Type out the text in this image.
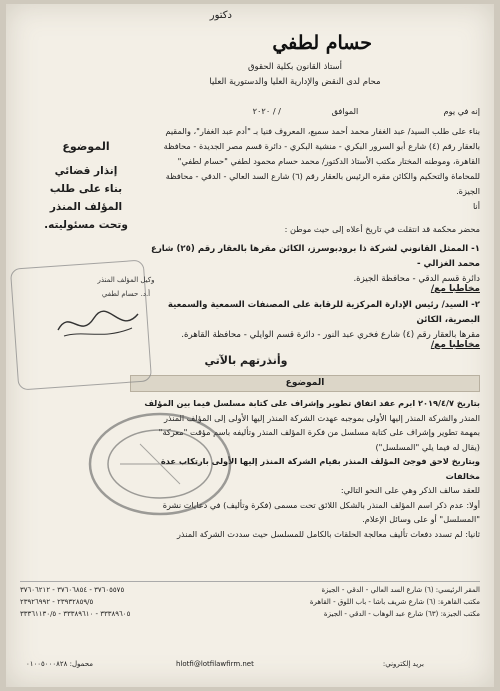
دكتور
حسام لطفي
أستاذ القانون بكلية الحقوق
محام لدى النقض والإدارية العليا والدستورية العليا
إنه في يوم  الموافق / / ٢٠٢٠
بناء على طلب السيد/ عبد الغفار محمد أحمد سميع، المعروف فنيا بـ "أدم عبد الغفار"، والمقيم
بالعقار رقم (٤) شارع أبو السرور البكري - منشية البكري - دائرة قسم مصر الجديدة - محافظة
القاهرة، وموطنه المختار مكتب الأستاذ الدكتور/ محمد حسام محمود لطفي "حسام لطفي"
للمحاماة والتحكيم والكائن مقره الرئيس بالعقار رقم (٦) شارع السد العالي - الدقي - محافظة
الجيزة.
أنا
محضر محكمة قد انتقلت في تاريخ أعلاه إلى حيث موطن :
١- الممثل القانوني لشركة ذا برودبوسرز، الكائن مقرها بالعقار رقم (٢٥) شارع محمد الغزالي -
دائرة قسم الدقي - محافظة الجيزة.
مخاطبا مع/
٢- السيد/ رئيس الإدارة المركزية للرقابة على المصنفات السمعية والسمعية البصرية، الكائن
مقرها بالعقار رقم (٤) شارع فخري عبد النور - دائرة قسم الوايلي - محافظة القاهرة.
مخاطبا مع/
وأنذرتهم بالآتي
الموضوع
بتاريخ ٢٠١٩/٤/٧ ابرم عقد اتفاق تطوير وإشراف على كتابة مسلسل فيما بين المؤلف
المنذر والشركة المنذر إليها الأولى بموجبه عهدت الشركة المنذر إليها الأولى إلى المؤلف المنذر
بمهمة تطوير وإشراف على كتابة مسلسل من فكرة المؤلف المنذر وتأليفه باسم مؤقت "معركة"
(يقال له فيما يلي "المسلسل")
وبتاريخ لاحق فوجئ المؤلف المنذر بقيام الشركة المنذر إليها الأولى بارتكاب عدة مخالفات
للعقد سالف الذكر وهي على النحو التالي:
أولا: عدم ذكر اسم المؤلف المنذر بالشكل اللائق تحت مسمى (فكرة وتأليف) في دعايات نشرة
"المسلسل" أو على وسائل الإعلام.
ثانيا: لم تسدد دفعات تأليف معالجة الحلقات بالكامل للمسلسل حيث سددت الشركة المنذر
الموضوع
إنذار قضائي
بناء على طلب
المؤلف المنذر
وتحت مسئوليته.
وكيل المؤلف المنذر
أ.د. حسام لطفي
المقر الرئيسي: (٦) شارع السد العالي - الدقي - الجيزة
٣٧٦٠٥٥٧٥ - ٣٧٦٠٦٨٥٤ - ٣٧٦٠٦٢١٢
مكتب القاهرة: (٦) شارع شريف باشا - باب اللوق - القاهرة
٢٣٩٣٢٨٥٩/٥ - ٢٣٩٢٦٩٩٢
مكتب الجيزة: (٦٣) شارع عبد الوهاب - الدقي - الجيزة
٣٣٣٨٩٦٠٥ - ٣٣٣٨٩٦١٠ - ٣٣٣٦١١٣٠/٥
بريد إلكتروني:
hlotfi@lotfilawfirm.net
محمول: ٠١٠٠٥٠٠٠٨٢٨
